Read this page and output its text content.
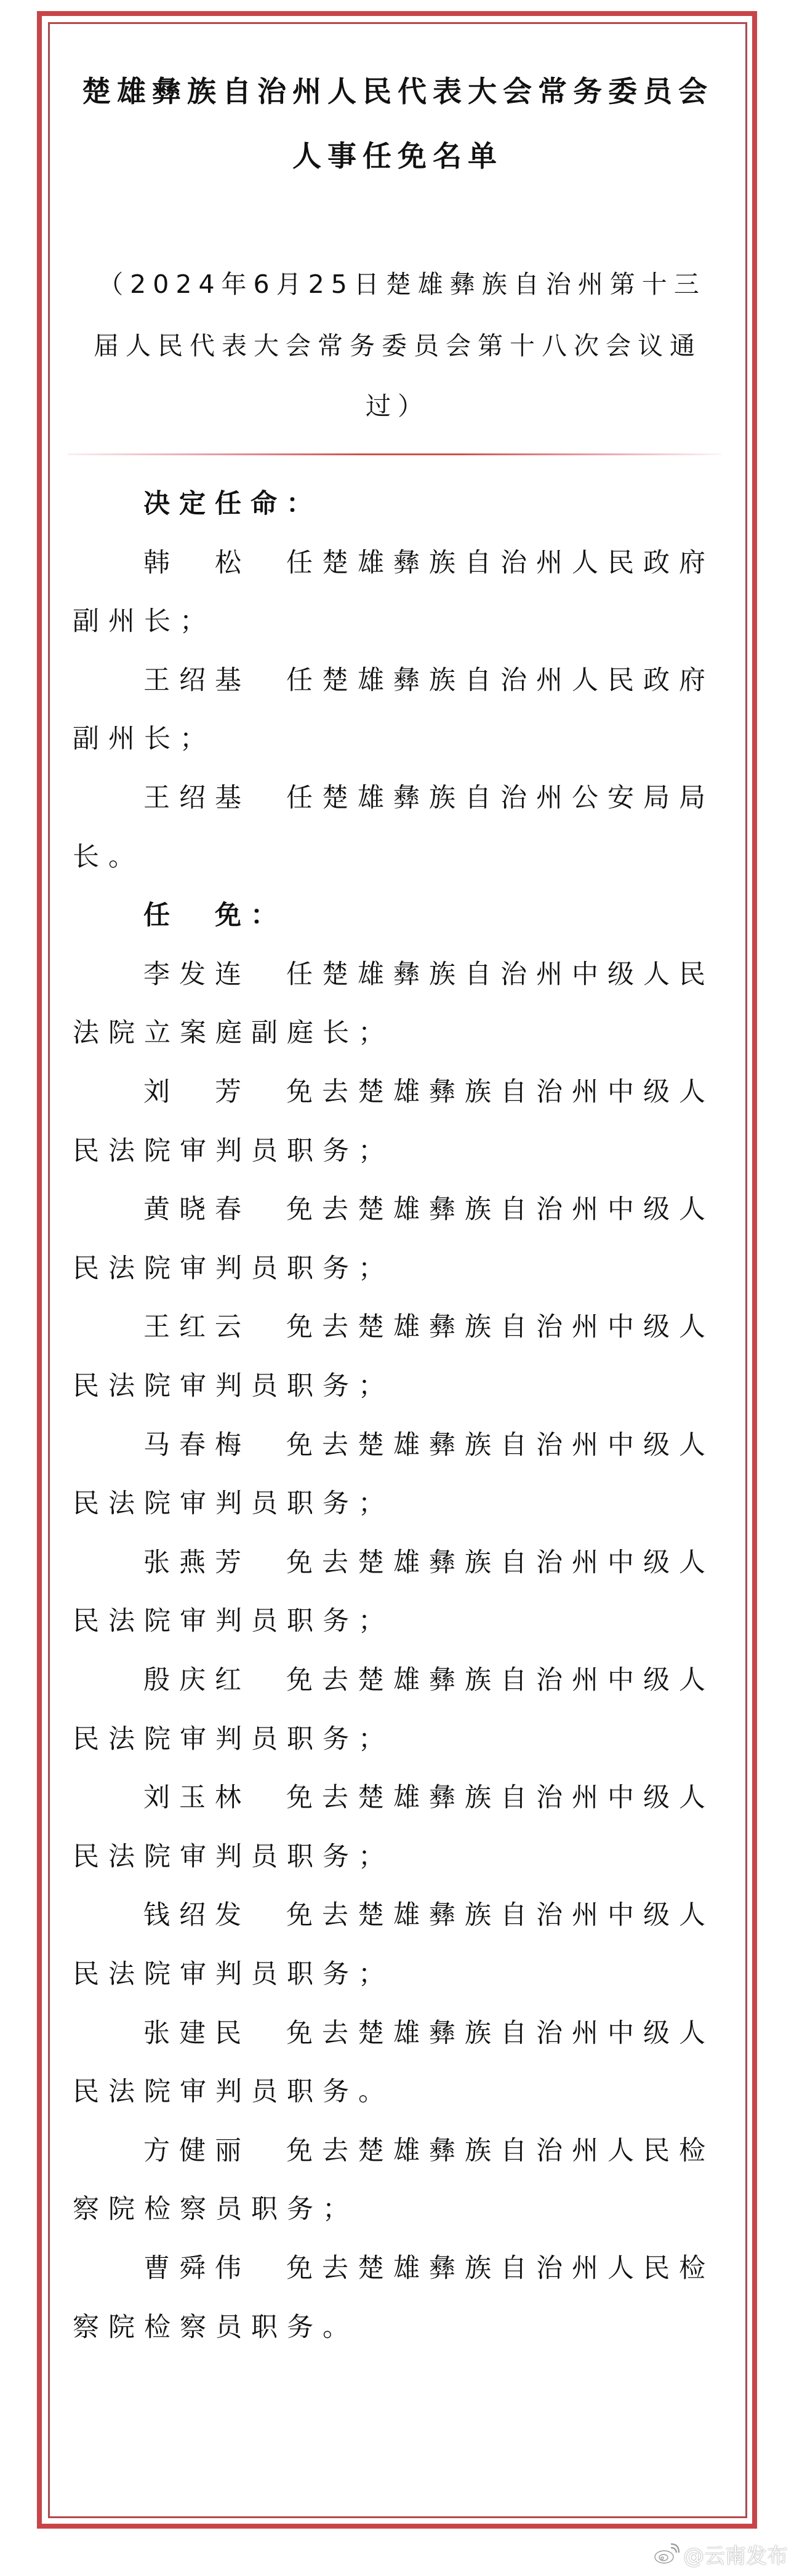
楚雄彝族自治州人民代表大会常务委员会
人事任免名单
（2024年6月25日楚雄彝族自治州第十三
届人民代表大会常务委员会第十八次会议通
过）
决定任命：
韩　松　任楚雄彝族自治州人民政府
副州长；
王绍基　任楚雄彝族自治州人民政府
副州长；
王绍基　任楚雄彝族自治州公安局局
长。
任　免：
李发连　任楚雄彝族自治州中级人民
法院立案庭副庭长；
刘　芳　免去楚雄彝族自治州中级人
民法院审判员职务；
黄晓春　免去楚雄彝族自治州中级人
民法院审判员职务；
王红云　免去楚雄彝族自治州中级人
民法院审判员职务；
马春梅　免去楚雄彝族自治州中级人
民法院审判员职务；
张燕芳　免去楚雄彝族自治州中级人
民法院审判员职务；
殷庆红　免去楚雄彝族自治州中级人
民法院审判员职务；
刘玉林　免去楚雄彝族自治州中级人
民法院审判员职务；
钱绍发　免去楚雄彝族自治州中级人
民法院审判员职务；
张建民　免去楚雄彝族自治州中级人
民法院审判员职务。
方健丽　免去楚雄彝族自治州人民检
察院检察员职务；
曹舜伟　免去楚雄彝族自治州人民检
察院检察员职务。
@云南发布
